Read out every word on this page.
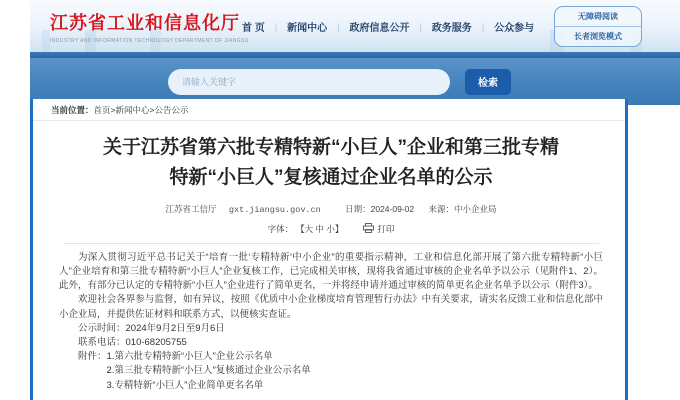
江苏省工业和信息化厅
INDUSTRY AND INFORMATION TECHNOLOGY DEPARTMENT OF JIANGSU
首 页 | 新闻中心 | 政府信息公开 | 政务服务 | 公众参与
无障碍阅读
长者浏览模式
请输入关键字
检索
当前位置：首页>新闻中心>公告公示
关于江苏省第六批专精特新“小巨人”企业和第三批专精特新“小巨人”复核通过企业名单的公示
江苏省工信厅 gxt.jiangsu.gov.cn	日期：2024-09-02 来源：中小企业局
字体： 【大 中 小】	打印
为深入贯彻习近平总书记关于“培育一批‘专精特新’中小企业”的重要指示精神，工业和信息化部开展了第六批专精特新“小巨人”企业培育和第三批专精特新“小巨人”企业复核工作，已完成相关审核，现将我省通过审核的企业名单予以公示（见附件1、2）。此外，有部分已认定的专精特新“小巨人”企业进行了简单更名，一并将经申请并通过审核的简单更名企业名单予以公示（附件3）。
欢迎社会各界参与监督，如有异议，按照《优质中小企业梯度培育管理暂行办法》中有关要求，请实名反馈工业和信息化部中小企业局，并提供佐证材料和联系方式，以便核实查证。
公示时间：2024年9月2日至9月6日
联系电话：010-68205755
附件：1.第六批专精特新“小巨人”企业公示名单
2.第三批专精特新“小巨人”复核通过企业公示名单
3.专精特新“小巨人”企业简单更名名单
